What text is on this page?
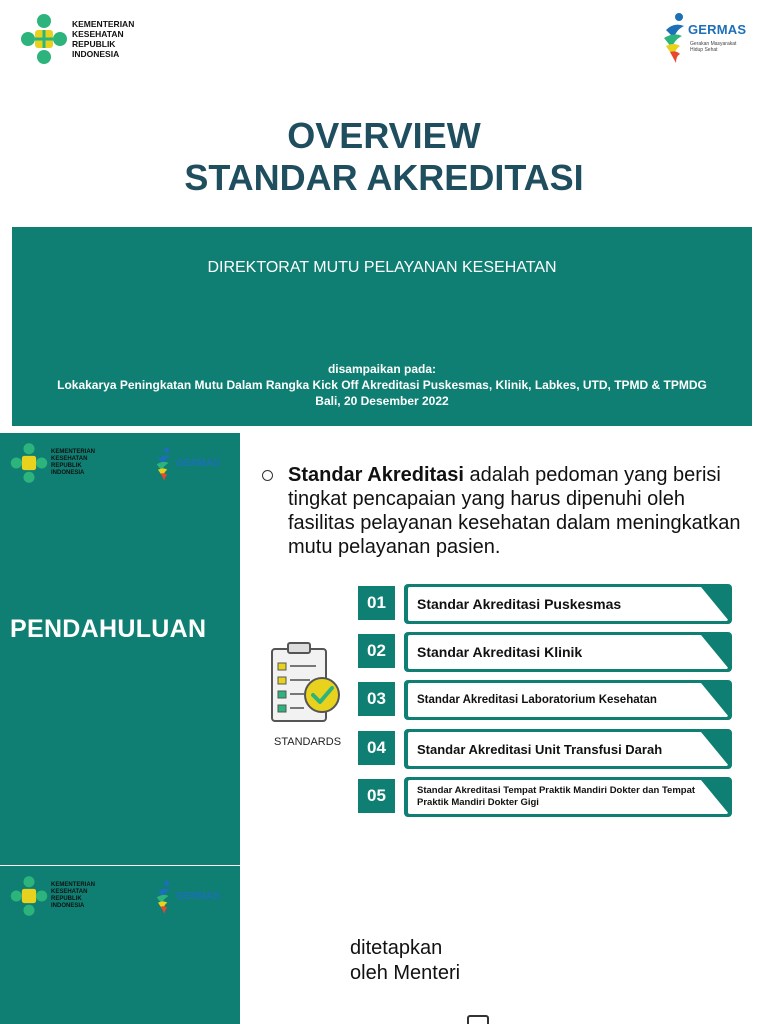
KEMENTERIAN
KESEHATAN
REPUBLIK
INDONESIA
GERMAS
Gerakan Masyarakat Hidup Sehat
OVERVIEW
STANDAR AKREDITASI
DIREKTORAT MUTU PELAYANAN KESEHATAN
disampaikan pada:
Lokakarya Peningkatan Mutu Dalam Rangka Kick Off Akreditasi Puskesmas, Klinik, Labkes, UTD, TPMD & TPMDG
Bali, 20 Desember 2022
KEMENTERIAN
KESEHATAN
REPUBLIK
INDONESIA
GERMAS
PENDAHULUAN

Standar Akreditasi adalah pedoman yang berisi tingkat pencapaian yang harus dipenuhi oleh fasilitas pelayanan kesehatan dalam meningkatkan mutu pelayanan pasien.

STANDARDS
01	Standar Akreditasi Puskesmas
02	Standar Akreditasi Klinik
03	Standar Akreditasi Laboratorium Kesehatan
04	Standar Akreditasi Unit Transfusi Darah
05	Standar Akreditasi Tempat Praktik Mandiri Dokter dan Tempat Praktik Mandiri Dokter Gigi
KEMENTERIAN
KESEHATAN
REPUBLIK
INDONESIA
GERMAS
ditetapkan
oleh Menteri
